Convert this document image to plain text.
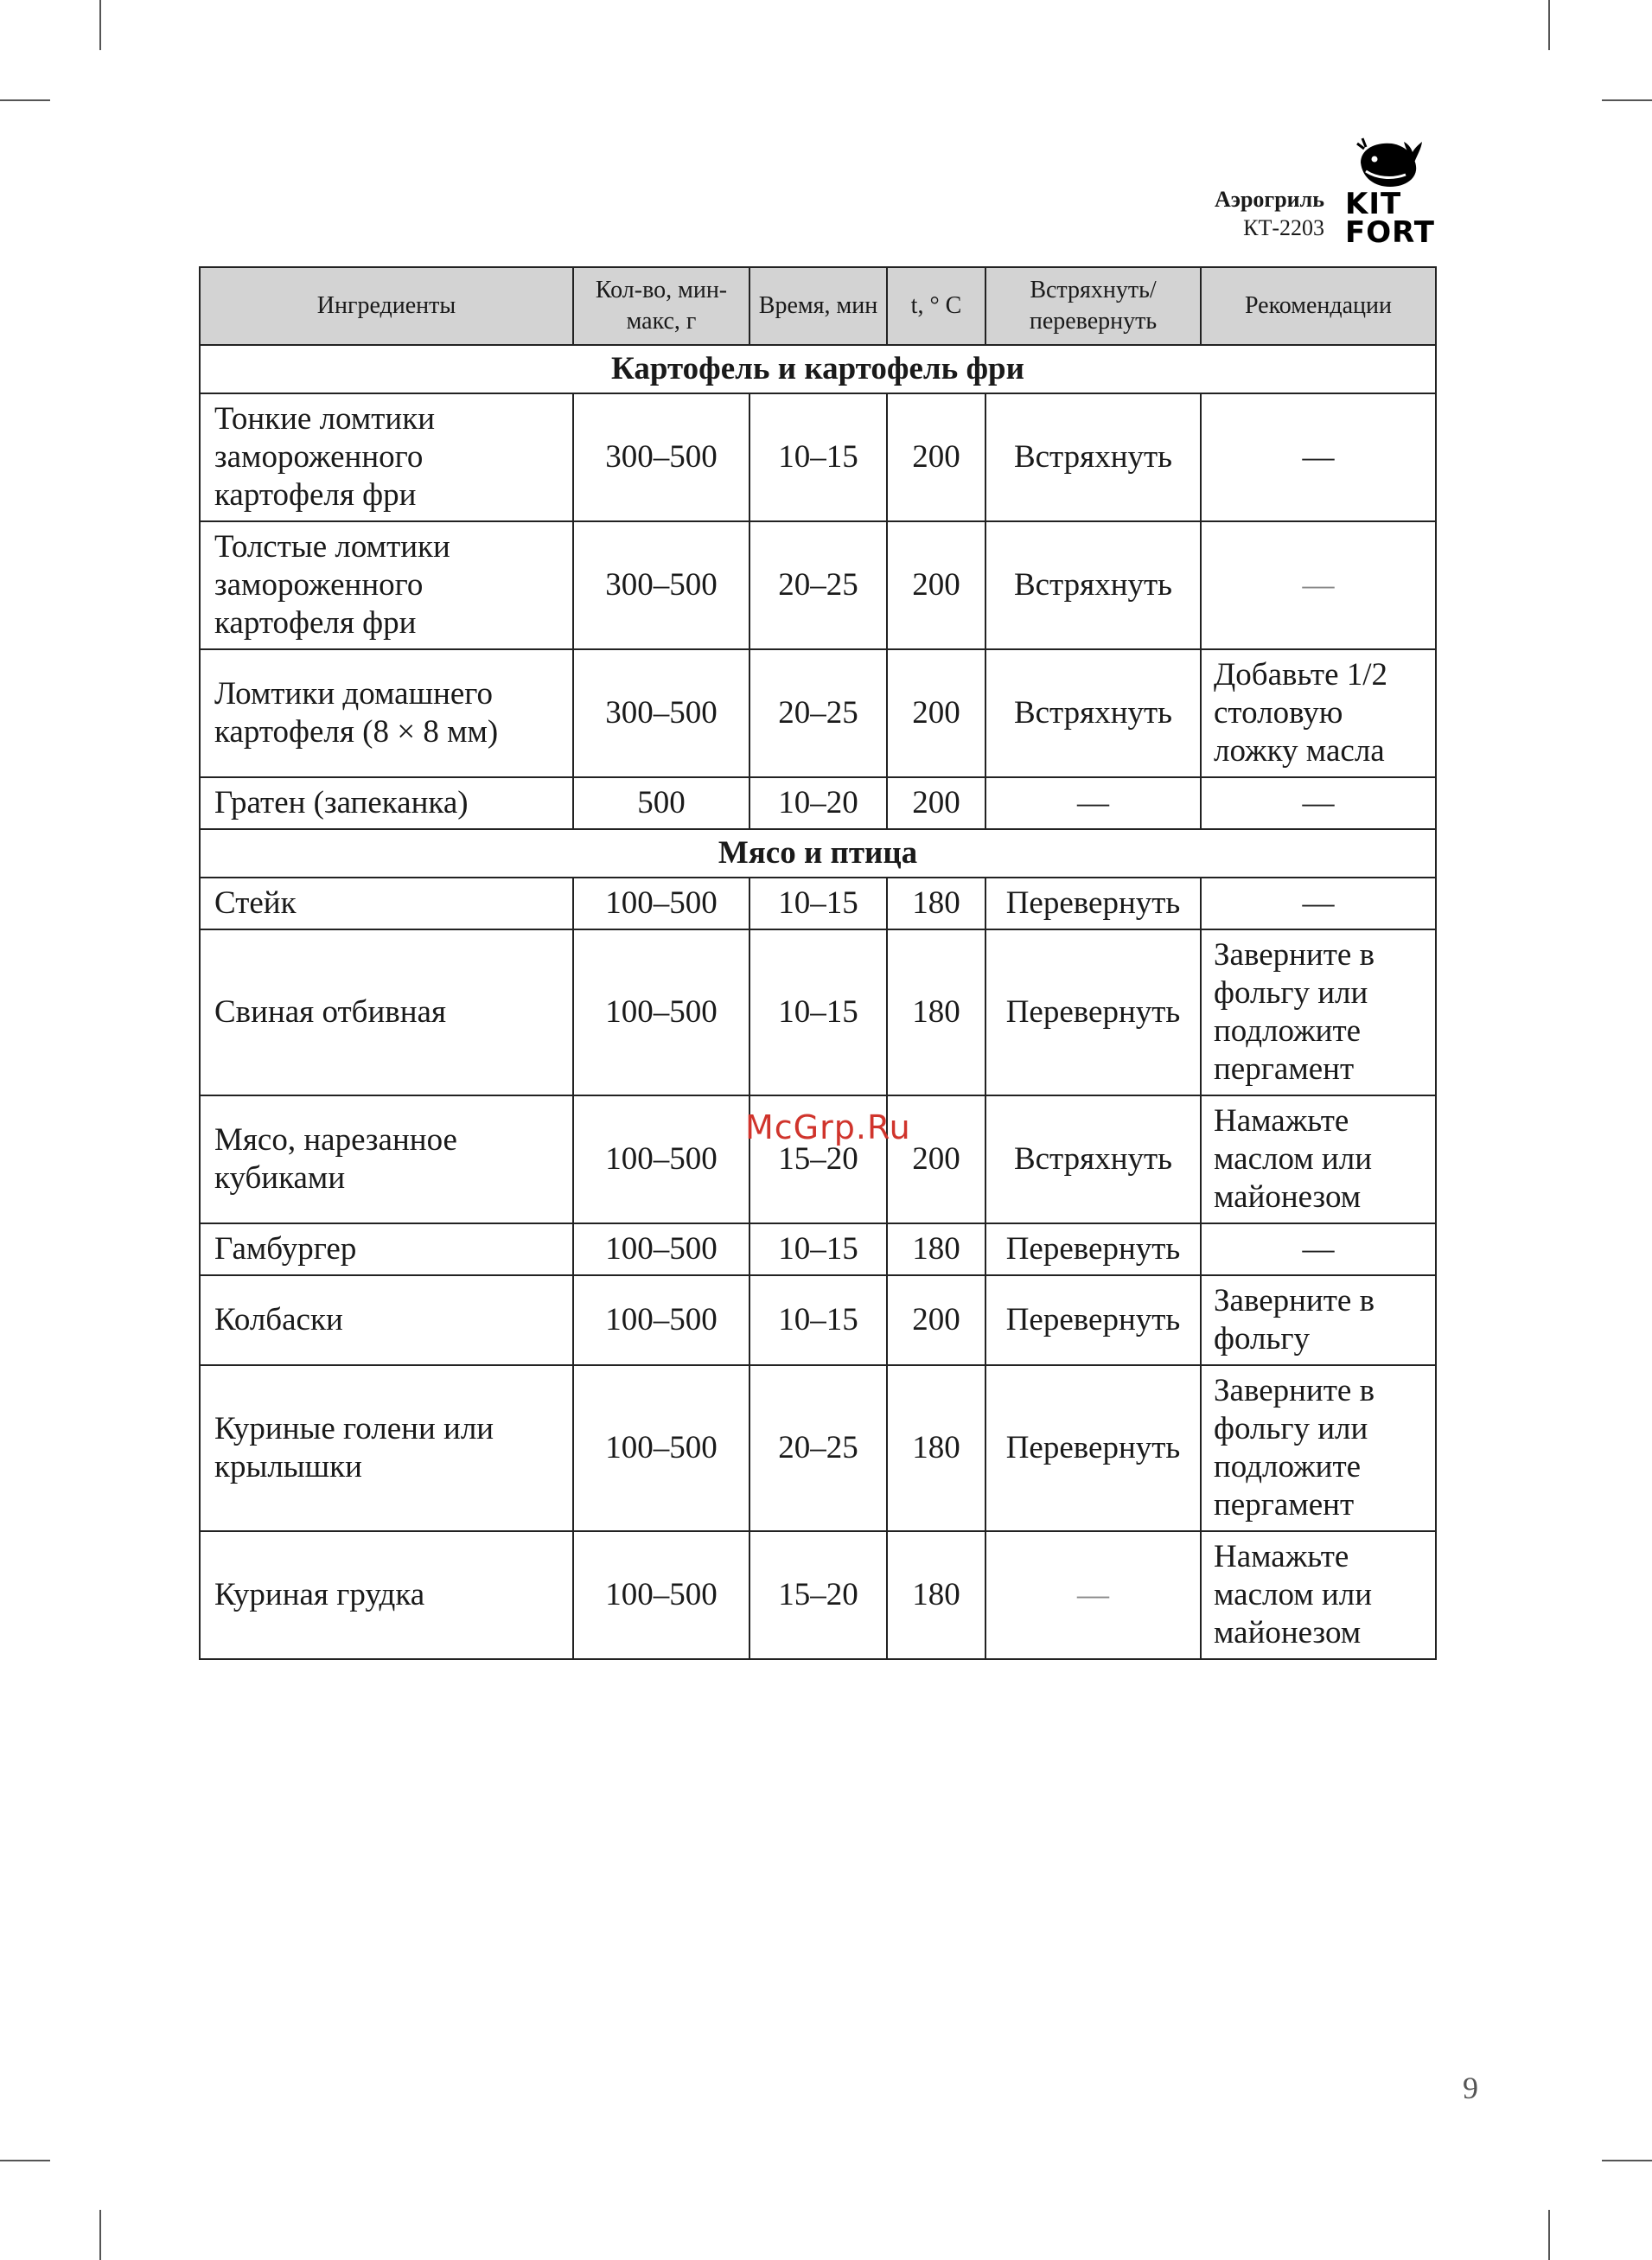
Аэрогриль
КТ-2203
KIT
FORT
Ингредиенты	Кол-во, мин-макс, г	Время, мин	t, ° C	Встряхнуть/ перевернуть	Рекомендации
Картофель и картофель фри					
Тонкие ломтики замороженного картофеля фри	300–500	10–15	200	Встряхнуть	—
Толстые ломтики замороженного картофеля фри	300–500	20–25	200	Встряхнуть	—
Ломтики домашнего картофеля (8 × 8 мм)	300–500	20–25	200	Встряхнуть	Добавьте 1/2 столовую ложку масла
Гратен (запеканка)	500	10–20	200	—	—
Мясо и птица					
Стейк	100–500	10–15	180	Перевернуть	—
Свиная отбивная	100–500	10–15	180	Перевернуть	Заверните в фольгу или подложите пергамент
Мясо, нарезанное кубиками	100–500	15–20	200	Встряхнуть	Намажьте маслом или майонезом
Гамбургер	100–500	10–15	180	Перевернуть	—
Колбаски	100–500	10–15	200	Перевернуть	Заверните в фольгу
Куриные голени или крылышки	100–500	20–25	180	Перевернуть	Заверните в фольгу или подложите пергамент
Куриная грудка	100–500	15–20	180	—	Намажьте маслом или майонезом
McGrp.Ru
9
